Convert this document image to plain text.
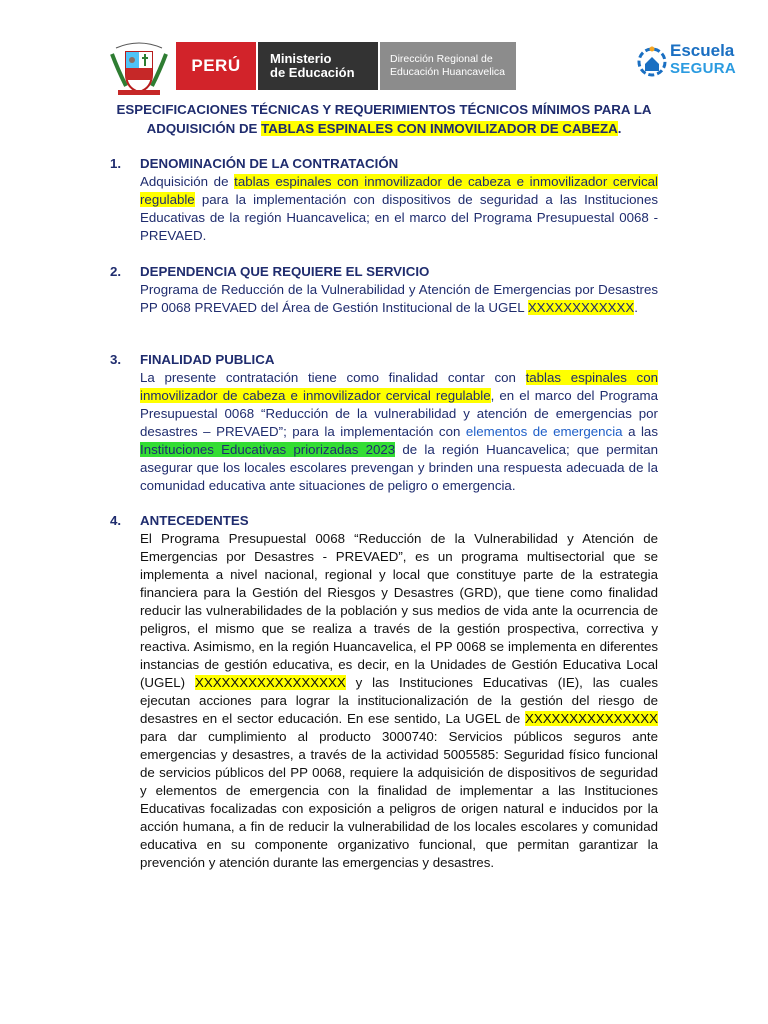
PERÚ Ministerio
de Educación
Dirección Regional de
Educación Huancavelica
Escuela
SEGURA
ESPECIFICACIONES TÉCNICAS Y REQUERIMIENTOS TÉCNICOS MÍNIMOS PARA LA
ADQUISICIÓN DE TABLAS ESPINALES CON INMOVILIZADOR DE CABEZA.
1.	DENOMINACIÓN DE LA CONTRATACIÓN
Adquisición de tablas espinales con inmovilizador de cabeza e inmovilizador cervical regulable para la implementación con dispositivos de seguridad a las Instituciones Educativas de la región Huancavelica; en el marco del Programa Presupuestal 0068 - PREVAED.
2.	DEPENDENCIA QUE REQUIERE EL SERVICIO
Programa de Reducción de la Vulnerabilidad y Atención de Emergencias por Desastres PP 0068 PREVAED del Área de Gestión Institucional de la UGEL XXXXXXXXXXXX.
3.	FINALIDAD PUBLICA
La presente contratación tiene como finalidad contar con tablas espinales con inmovilizador de cabeza e inmovilizador cervical regulable, en el marco del Programa Presupuestal 0068 “Reducción de la vulnerabilidad y atención de emergencias por desastres – PREVAED”; para la implementación con elementos de emergencia a las Instituciones Educativas priorizadas 2023 de la región Huancavelica; que permitan asegurar que los locales escolares prevengan y brinden una respuesta adecuada de la comunidad educativa ante situaciones de peligro o emergencia.
4.	ANTECEDENTES
El Programa Presupuestal 0068 “Reducción de la Vulnerabilidad y Atención de Emergencias por Desastres - PREVAED”, es un programa multisectorial que se implementa a nivel nacional, regional y local que constituye parte de la estrategia financiera para la Gestión del Riesgos y Desastres (GRD), que tiene como finalidad reducir las vulnerabilidades de la población y sus medios de vida ante la ocurrencia de peligros, el mismo que se realiza a través de la gestión prospectiva, correctiva y reactiva. Asimismo, en la región Huancavelica, el PP 0068 se implementa en diferentes instancias de gestión educativa, es decir, en la Unidades de Gestión Educativa Local (UGEL) XXXXXXXXXXXXXXXXX y las Instituciones Educativas (IE), las cuales ejecutan acciones para lograr la institucionalización de la gestión del riesgo de desastres en el sector educación. En ese sentido, La UGEL de XXXXXXXXXXXXXXX para dar cumplimiento al producto 3000740: Servicios públicos seguros ante emergencias y desastres, a través de la actividad 5005585: Seguridad físico funcional de servicios públicos del PP 0068, requiere la adquisición de dispositivos de seguridad y elementos de emergencia con la finalidad de implementar a las Instituciones Educativas focalizadas con exposición a peligros de origen natural e inducidos por la acción humana, a fin de reducir la vulnerabilidad de los locales escolares y comunidad educativa en su componente organizativo funcional, que permitan garantizar la prevención y atención durante las emergencias y desastres.
